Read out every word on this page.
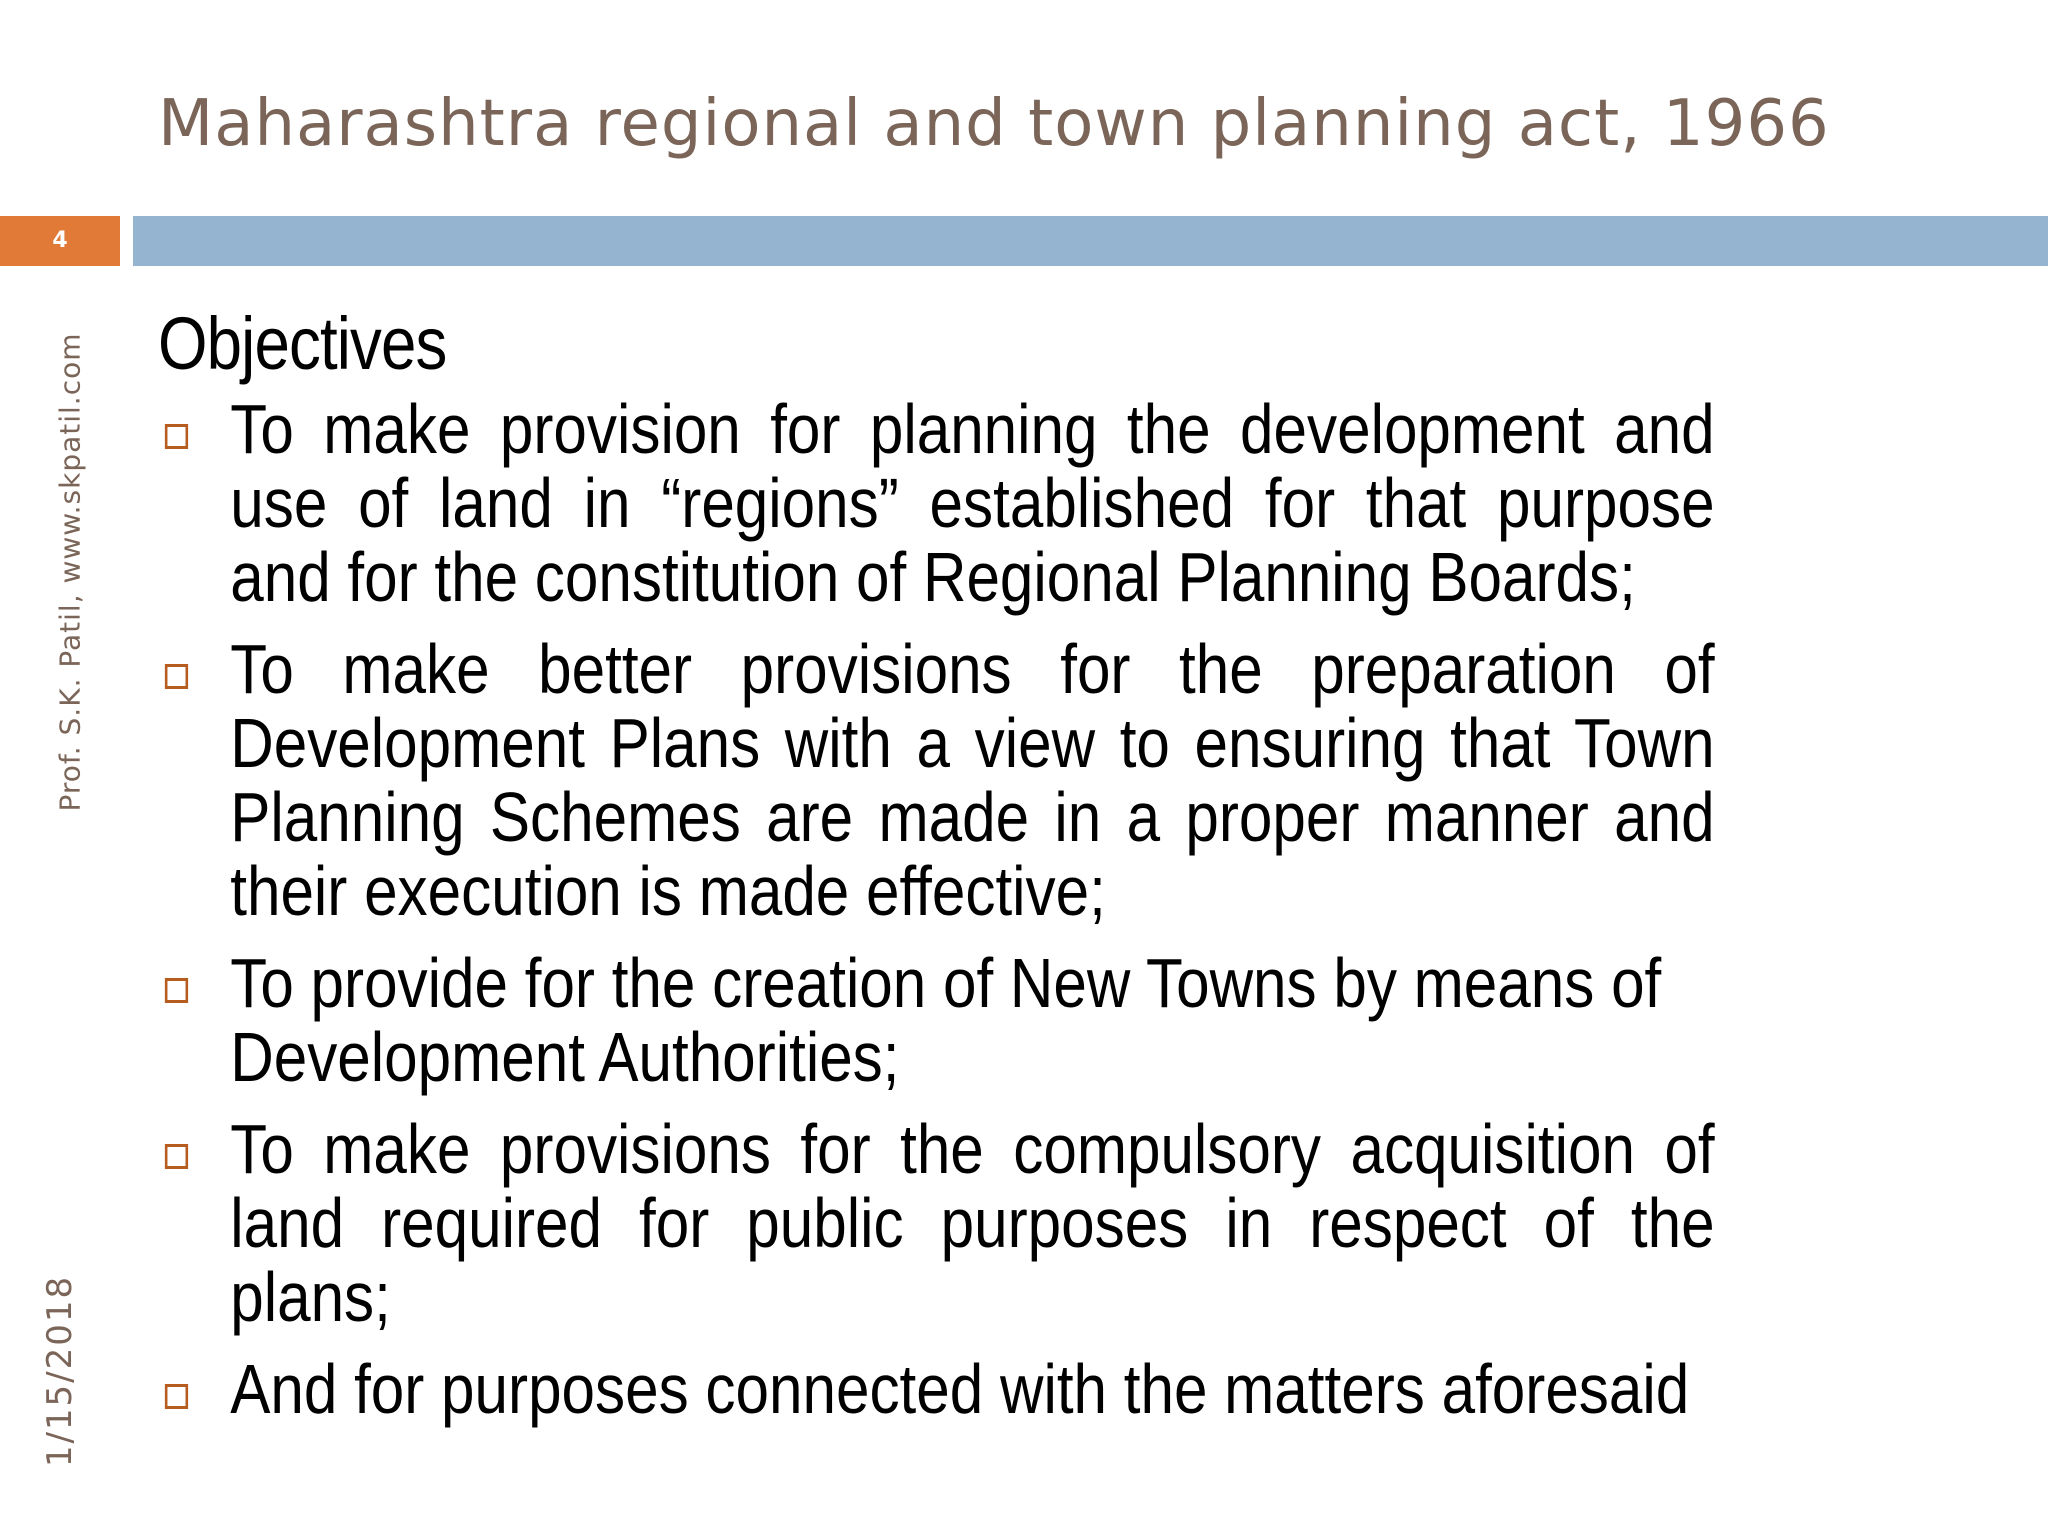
Maharashtra regional and town planning act, 1966
4
Prof. S.K. Patil, www.skpatil.com
1/15/2018
Objectives
To make provision for planning the development and use of land in “regions” established for that purpose and for the constitution of Regional Planning Boards;
To make better provisions for the preparation of Development Plans with a view to ensuring that Town Planning Schemes are made in a proper manner and their execution is made effective;
To provide for the creation of New Towns by means of Development Authorities;
To make provisions for the compulsory acquisition of land required for public purposes in respect of the plans;
And for purposes connected with the matters aforesaid
